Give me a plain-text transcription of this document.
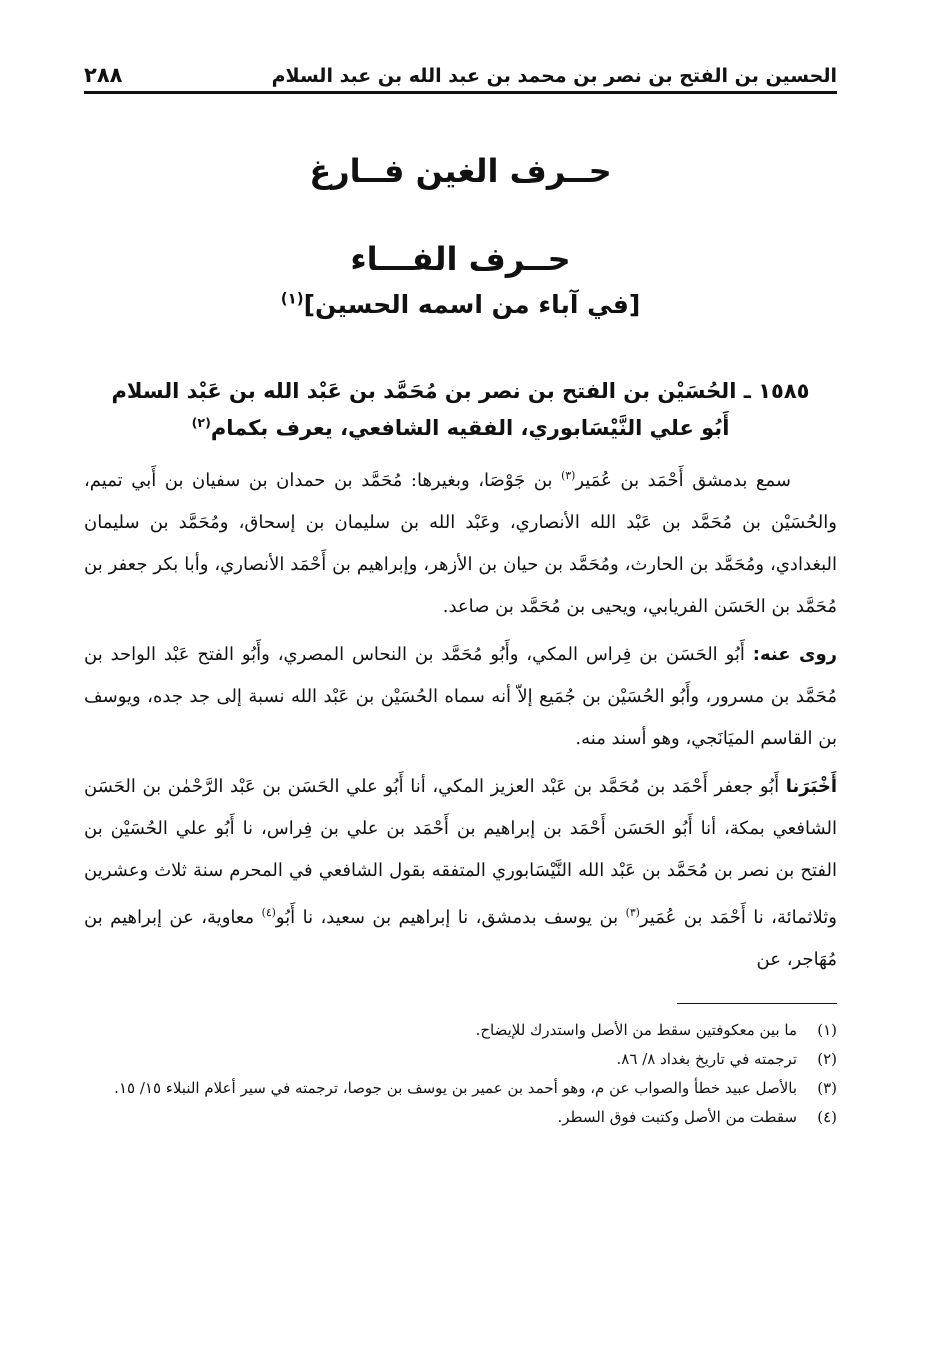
٢٨٨	الحسين بن الفتح بن نصر بن محمد بن عبد الله بن عبد السلام
حــرف الغين فــارغ
حــرف الفـــاء
[في آباء من اسمه الحسين]$^{(١)}$
١٥٨٥ ـ الحُسَيْن بن الفتح بن نصر بن مُحَمَّد بن عَبْد الله بن عَبْد السلام
أَبُو علي النَّيْسَابوري، الفقيه الشافعي، يعرف بكمام$^{(٢)}$

سمع بدمشق أَحْمَد بن عُمَير$^{(٣)}$ بن جَوْصَا، وبغيرها: مُحَمَّد بن حمدان بن سفيان بن أَبي تميم، والحُسَيْن بن مُحَمَّد بن عَبْد الله الأنصاري، وعَبْد الله بن سليمان بن إسحاق، ومُحَمَّد بن سليمان البغدادي، ومُحَمَّد بن الحارث، ومُحَمَّد بن حيان بن الأزهر، وإبراهيم بن أَحْمَد الأنصاري، وأبا بكر جعفر بن مُحَمَّد بن الحَسَن الفريابي، ويحيى بن مُحَمَّد بن صاعد.

روى عنه: أَبُو الحَسَن بن فِراس المكي، وأَبُو مُحَمَّد بن النحاس المصري، وأَبُو الفتح عَبْد الواحد بن مُحَمَّد بن مسرور، وأَبُو الحُسَيْن بن جُمَيع إلاّ أنه سماه الحُسَيْن بن عَبْد الله نسبة إلى جد جده، ويوسف بن القاسم الميَانَجي، وهو أسند منه.

أَخْبَرَنا أَبُو جعفر أَحْمَد بن مُحَمَّد بن عَبْد العزيز المكي، أنا أَبُو علي الحَسَن بن عَبْد الرَّحْمٰن بن الحَسَن الشافعي بمكة، أنا أَبُو الحَسَن أَحْمَد بن إبراهيم بن أَحْمَد بن علي بن فِراس، نا أَبُو علي الحُسَيْن بن الفتح بن نصر بن مُحَمَّد بن عَبْد الله النَّيْسَابوري المتفقه بقول الشافعي في المحرم سنة ثلاث وعشرين وثلاثمائة، نا أَحْمَد بن عُمَير$^{(٣)}$ بن يوسف بدمشق، نا إبراهيم بن سعيد، نا أَبُو$^{(٤)}$ معاوية، عن إبراهيم بن مُهَاجر، عن

(١)
ما بين معكوفتين سقط من الأصل واستدرك للإيضاح.
(٢)
ترجمته في تاريخ بغداد ٨/ ٨٦.
(٣)
بالأصل عبيد خطأ والصواب عن م، وهو أحمد بن عمير بن يوسف بن جوصا، ترجمته في سير أعلام النبلاء ١٥/ ١٥.
(٤)
سقطت من الأصل وكتبت فوق السطر.
